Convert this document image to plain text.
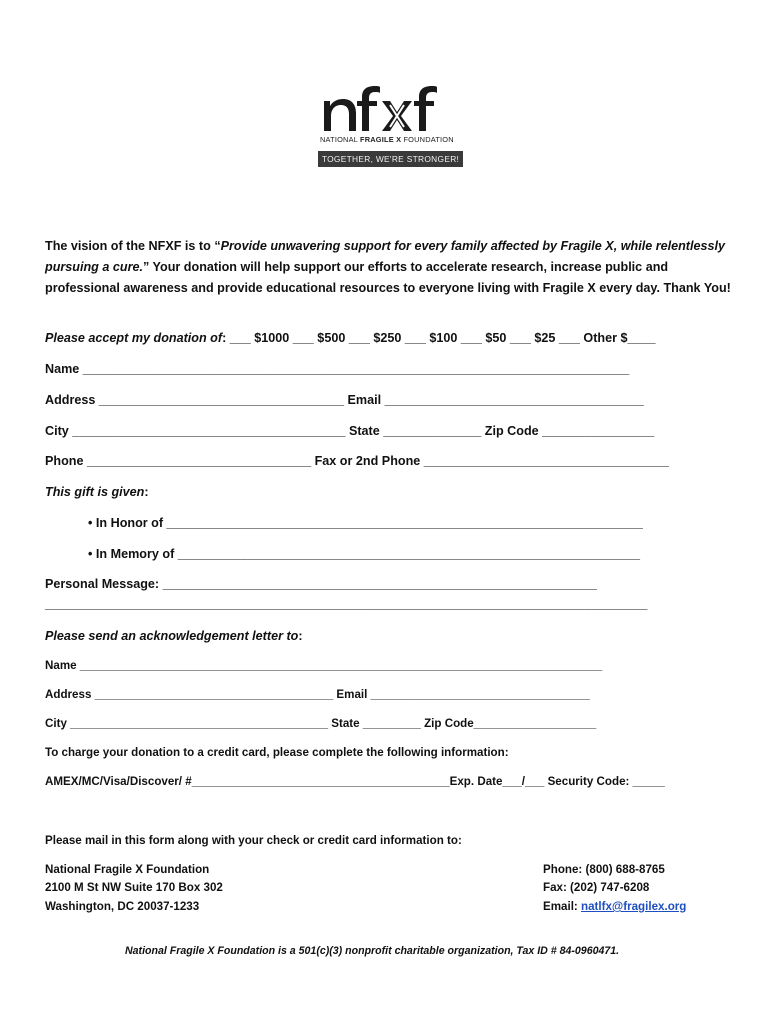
NATIONAL FRAGILE X FOUNDATION
TOGETHER, WE'RE STRONGER!
The vision of the NFXF is to “Provide unwavering support for every family affected by Fragile X, while relentlessly pursuing a cure.” Your donation will help support our efforts to accelerate research, increase public and professional awareness and provide educational resources to everyone living with Fragile X every day. Thank You!
Please accept my donation of: ___ $1000 ___ $500 ___ $250 ___ $100 ___ $50 ___ $25 ___ Other $____
Name ______________________________________________________________________________
Address ___________________________________ Email _____________________________________
City _______________________________________ State ______________ Zip Code ________________
Phone ________________________________ Fax or 2nd Phone ___________________________________
This gift is given:
• In Honor of ____________________________________________________________________
• In Memory of __________________________________________________________________
Personal Message: ______________________________________________________________
______________________________________________________________________________________
Please send an acknowledgement letter to:
Name _________________________________________________________________________________
Address _____________________________________ Email __________________________________
City ________________________________________ State _________ Zip Code___________________
To charge your donation to a credit card, please complete the following information:
AMEX/MC/Visa/Discover/ #________________________________________Exp. Date___/___ Security Code: _____
Please mail in this form along with your check or credit card information to:
National Fragile X Foundation
2100 M St NW Suite 170 Box 302
Washington, DC 20037-1233
Phone: (800) 688-8765
Fax: (202) 747-6208
Email: natlfx@fragilex.org
National Fragile X Foundation is a 501(c)(3) nonprofit charitable organization, Tax ID # 84-0960471.
